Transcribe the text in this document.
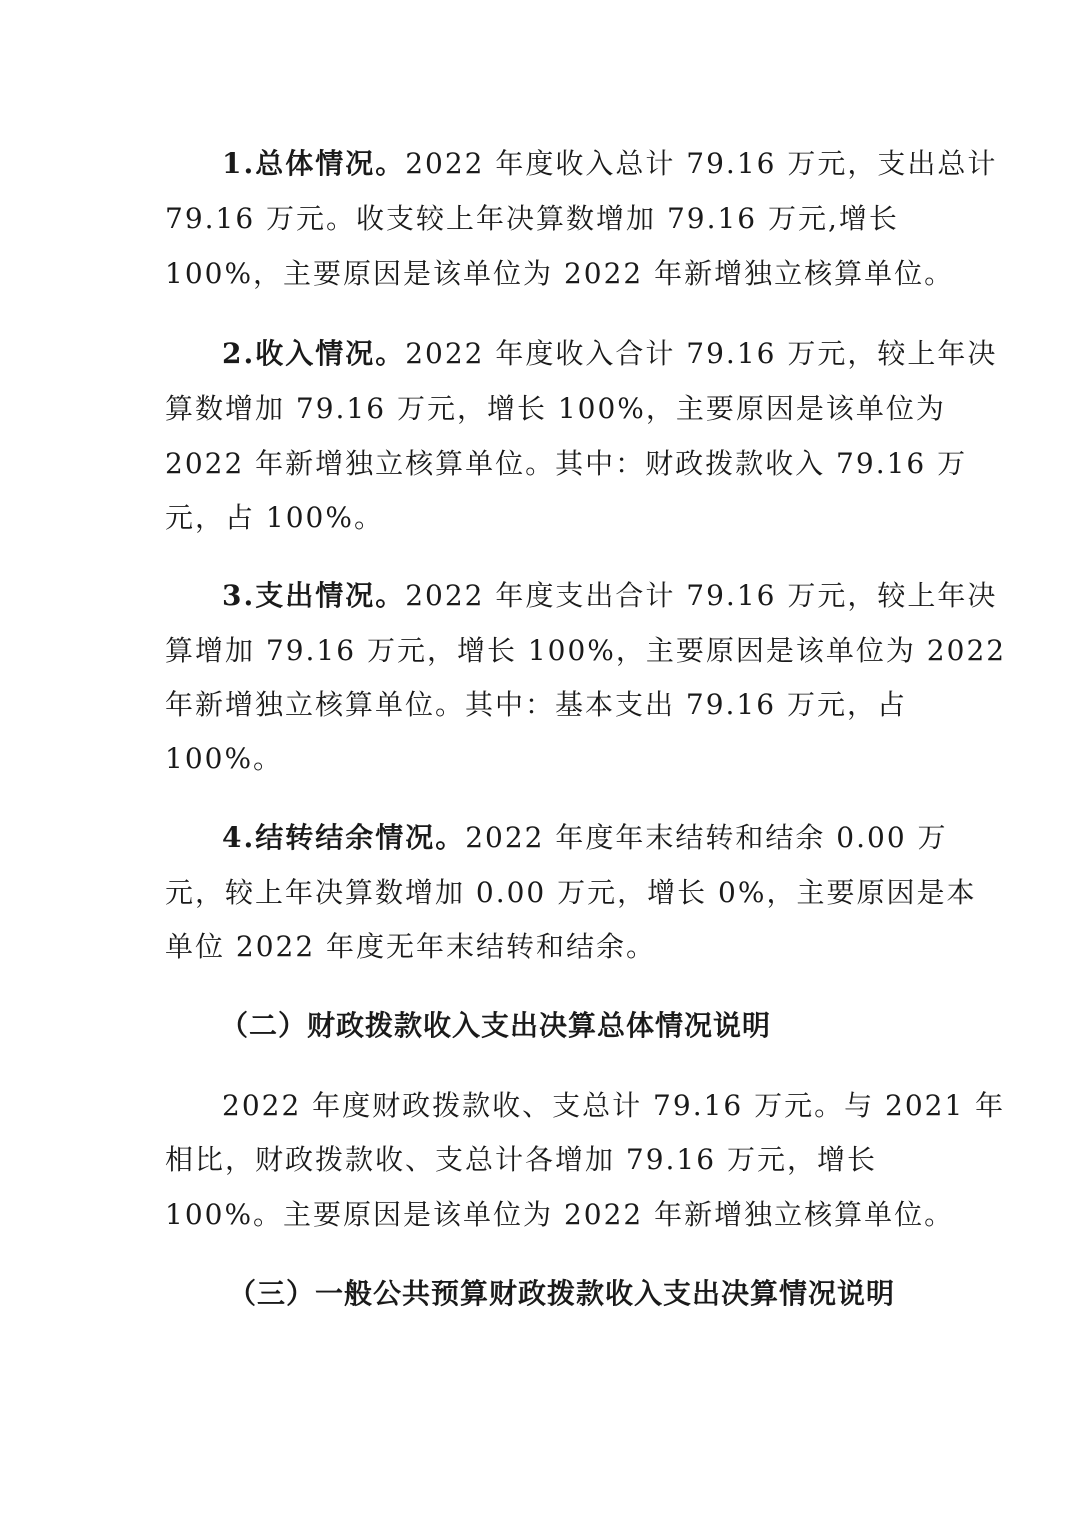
1.总体情况。2022 年度收入总计 79.16 万元，支出总计
79.16 万元。收支较上年决算数增加 79.16 万元,增长
100%，主要原因是该单位为 2022 年新增独立核算单位。
2.收入情况。2022 年度收入合计 79.16 万元，较上年决
算数增加 79.16 万元，增长 100%，主要原因是该单位为
2022 年新增独立核算单位。其中：财政拨款收入 79.16 万
元，占 100%。
3.支出情况。2022 年度支出合计 79.16 万元，较上年决
算增加 79.16 万元，增长 100%，主要原因是该单位为 2022
年新增独立核算单位。其中：基本支出 79.16 万元，占
100%。
4.结转结余情况。2022 年度年末结转和结余 0.00 万
元，较上年决算数增加 0.00 万元，增长 0%，主要原因是本
单位 2022 年度无年末结转和结余。
（二）财政拨款收入支出决算总体情况说明
2022 年度财政拨款收、支总计 79.16 万元。与 2021 年
相比，财政拨款收、支总计各增加 79.16 万元，增长
100%。主要原因是该单位为 2022 年新增独立核算单位。
（三）一般公共预算财政拨款收入支出决算情况说明
